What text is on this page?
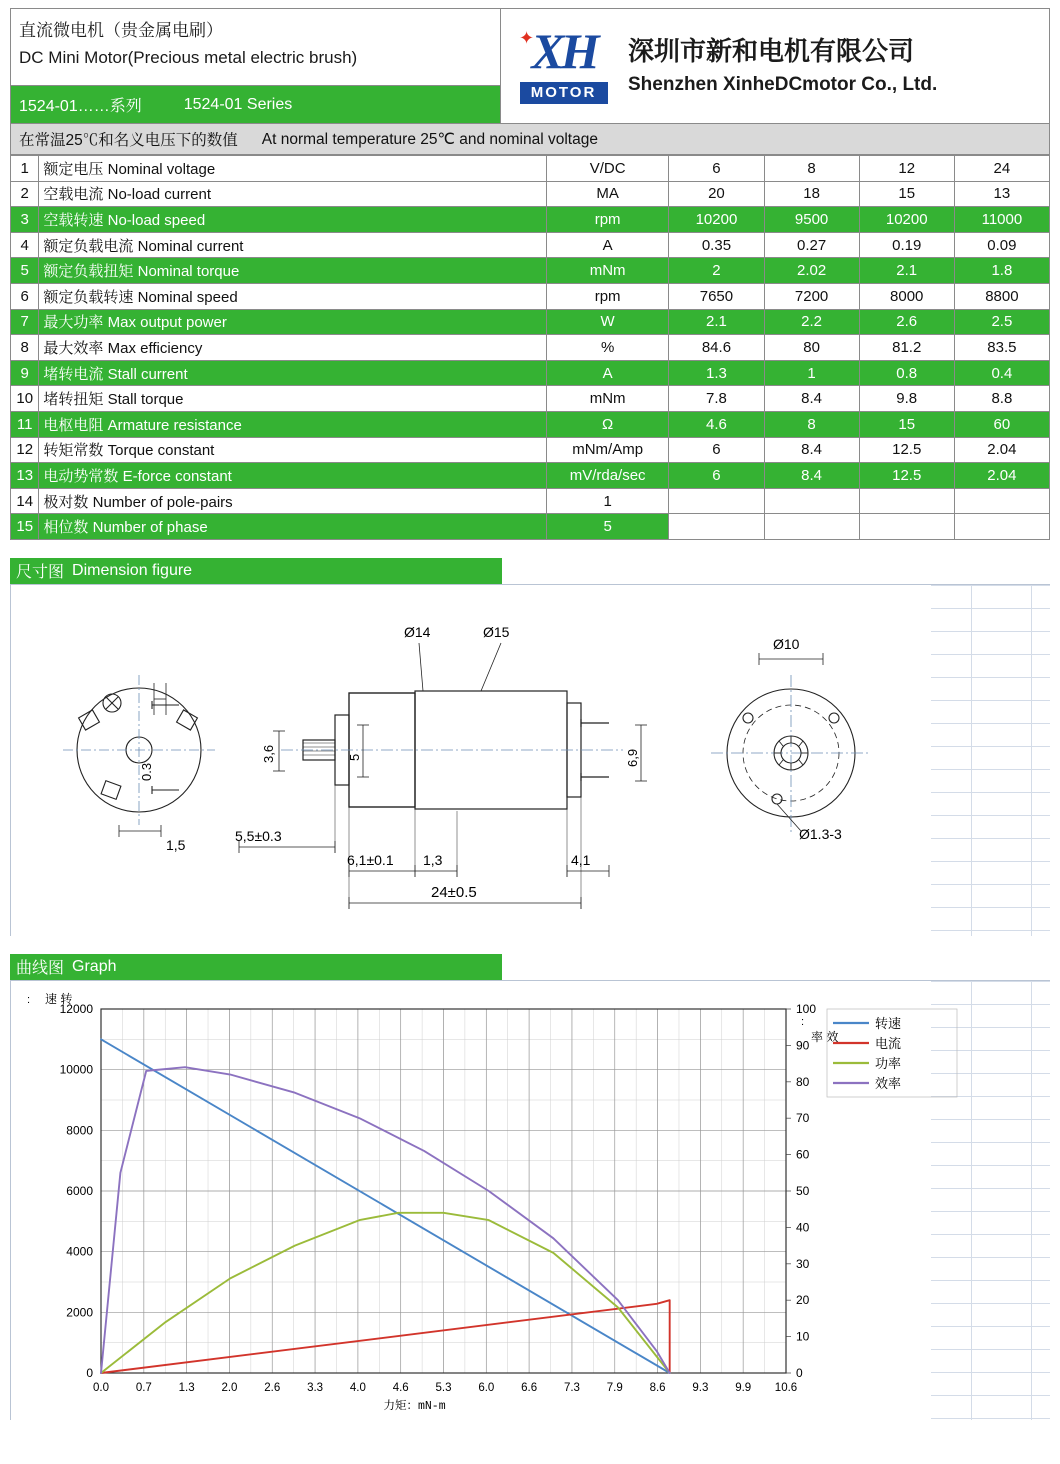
直流微电机（贵金属电刷）
DC Mini Motor(Precious metal electric brush)
1524-01……系列	1524-01 Series
✦
XH
MOTOR
深圳市新和电机有限公司
Shenzhen XinheDCmotor Co., Ltd.
在常温25℃和名义电压下的数值 At normal temperature 25℃ and nominal voltage
1	额定电压 Nominal voltage	V/DC	6	8	12	24
2	空载电流 No-load current	MA	20	18	15	13
3	空载转速 No-load speed	rpm	10200	9500	10200	11000
4	额定负载电流 Nominal current	A	0.35	0.27	0.19	0.09
5	额定负载扭矩 Nominal torque	mNm	2	2.02	2.1	1.8
6	额定负载转速 Nominal speed	rpm	7650	7200	8000	8800
7	最大功率 Max output power	W	2.1	2.2	2.6	2.5
8	最大效率 Max efficiency	%	84.6	80	81.2	83.5
9	堵转电流 Stall current	A	1.3	1	0.8	0.4
10	堵转扭矩 Stall torque	mNm	7.8	8.4	9.8	8.8
11	电枢电阻 Armature resistance	Ω	4.6	8	15	60
12	转矩常数 Torque constant	mNm/Amp	6	8.4	12.5	2.04
13	电动势常数 E-force constant	mV/rda/sec	6	8.4	12.5	2.04
14	极对数 Number of pole-pairs	1				
15	相位数 Number of phase	5				
尺寸图 Dimension figure
0.3
1,5
Ø14	Ø15
3,6	5
5,5±0.3
6,1±0.1 1,3	4,1
24±0.5
Ø10
Ø1.3-3
6,9
曲线图 Graph
0.0 0.7 1.3 2.0 2.6 3.3 4.0 4.6 5.3 6.0 6.6 7.3 7.9 8.6 9.3 9.9 10.6
0
2000
4000
6000
8000
10000
12000
0
10
20
30
40
50
60
70
80
90
100
力矩：mN-m
速 转
率 效
:
:	转速
电流
功率
效率
